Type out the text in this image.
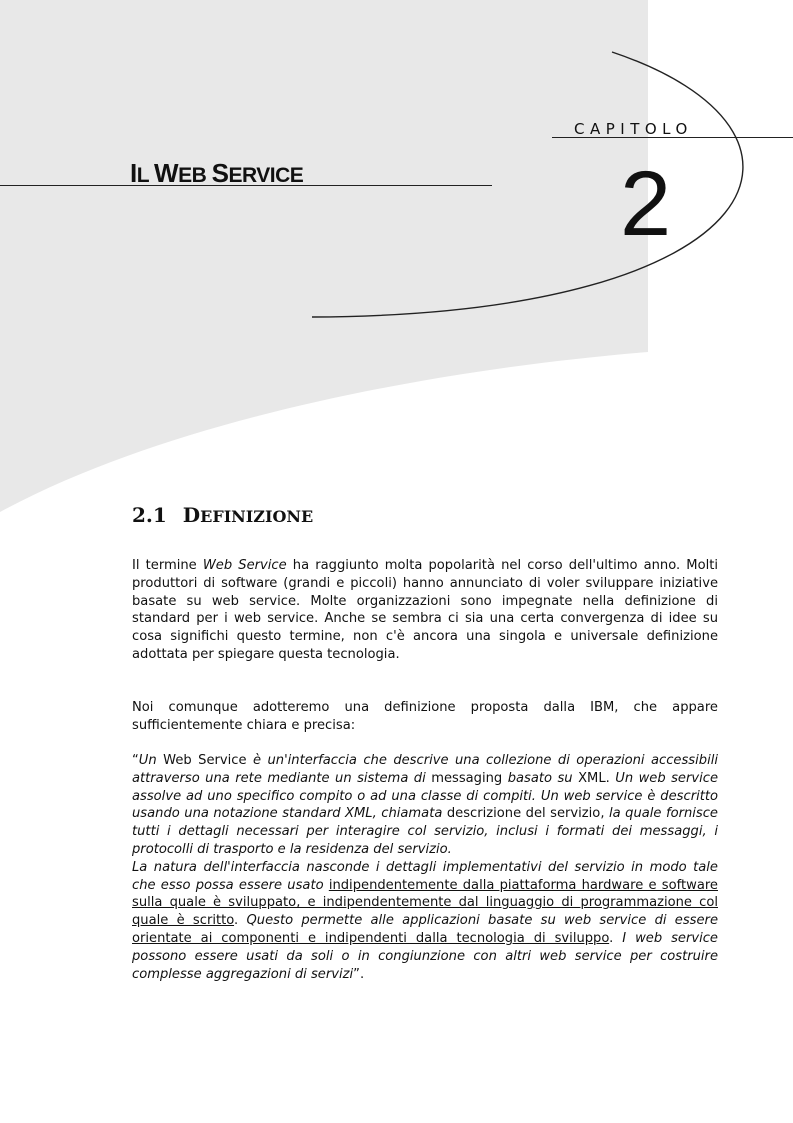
IL WEB SERVICE
CAPITOLO
2
2.1 DEFINIZIONE

Il termine Web Service ha raggiunto molta popolarità nel corso dell'ultimo anno. Molti produttori di software (grandi e piccoli) hanno annunciato di voler sviluppare iniziative basate su web service. Molte organizzazioni sono impegnate nella definizione di standard per i web service. Anche se sembra ci sia una certa convergenza di idee su cosa significhi questo termine, non c'è ancora una singola e universale definizione adottata per spiegare questa tecnologia.

Noi comunque adotteremo una definizione proposta dalla IBM, che appare sufficientemente chiara e precisa:

“Un Web Service è un'interfaccia che descrive una collezione di operazioni accessibili attraverso una rete mediante un sistema di messaging basato su XML. Un web service assolve ad uno specifico compito o ad una classe di compiti. Un web service è descritto usando una notazione standard XML, chiamata descrizione del servizio, la quale fornisce tutti i dettagli necessari per interagire col servizio, inclusi i formati dei messaggi, i protocolli di trasporto e la residenza del servizio.
La natura dell'interfaccia nasconde i dettagli implementativi del servizio in modo tale che esso possa essere usato indipendentemente dalla piattaforma hardware e software sulla quale è sviluppato, e indipendentemente dal linguaggio di programmazione col quale è scritto. Questo permette alle applicazioni basate su web service di essere orientate ai componenti e indipendenti dalla tecnologia di sviluppo. I web service possono essere usati da soli o in congiunzione con altri web service per costruire complesse aggregazioni di servizi”.
